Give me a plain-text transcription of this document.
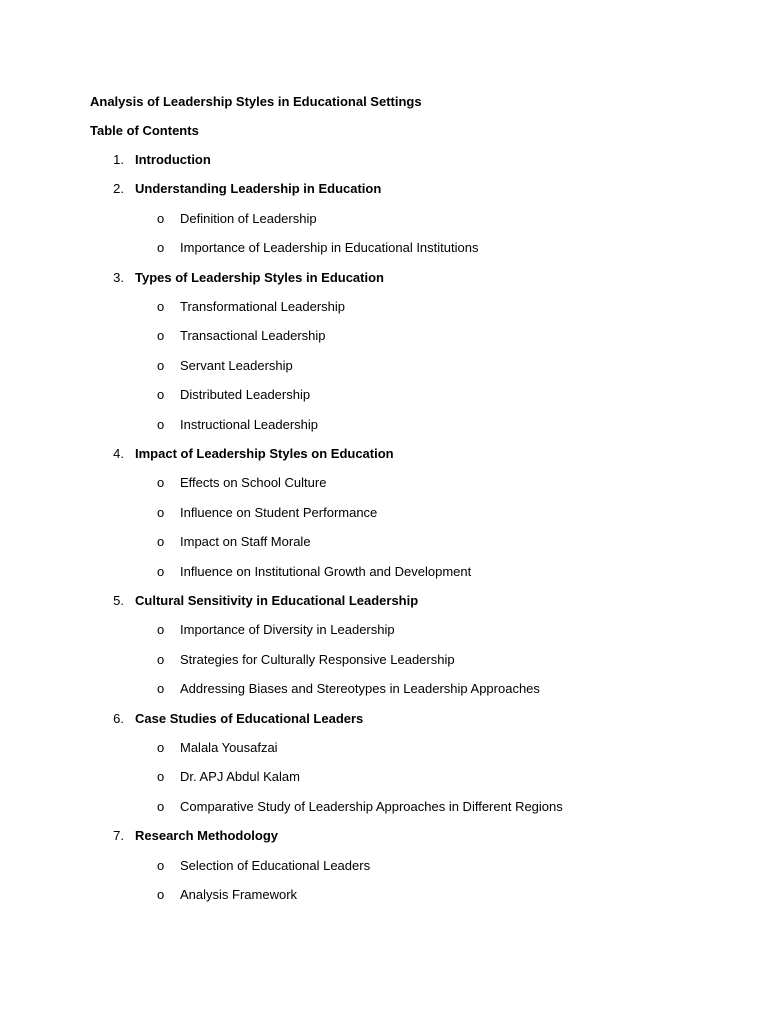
Analysis of Leadership Styles in Educational Settings
Table of Contents
1. Introduction
2. Understanding Leadership in Education
o Definition of Leadership
o Importance of Leadership in Educational Institutions
3. Types of Leadership Styles in Education
o Transformational Leadership
o Transactional Leadership
o Servant Leadership
o Distributed Leadership
o Instructional Leadership
4. Impact of Leadership Styles on Education
o Effects on School Culture
o Influence on Student Performance
o Impact on Staff Morale
o Influence on Institutional Growth and Development
5. Cultural Sensitivity in Educational Leadership
o Importance of Diversity in Leadership
o Strategies for Culturally Responsive Leadership
o Addressing Biases and Stereotypes in Leadership Approaches
6. Case Studies of Educational Leaders
o Malala Yousafzai
o Dr. APJ Abdul Kalam
o Comparative Study of Leadership Approaches in Different Regions
7. Research Methodology
o Selection of Educational Leaders
o Analysis Framework
